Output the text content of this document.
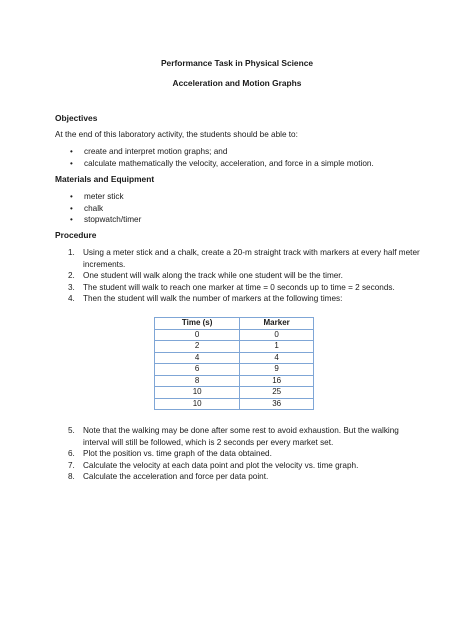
Performance Task in Physical Science
Acceleration and Motion Graphs
Objectives
At the end of this laboratory activity, the students should be able to:
• create and interpret motion graphs; and
• calculate mathematically the velocity, acceleration, and force in a simple motion.
Materials and Equipment
• meter stick
• chalk
• stopwatch/timer
Procedure
1. Using a meter stick and a chalk, create a 20-m straight track with markers at every half meter increments.
2. One student will walk along the track while one student will be the timer.
3. The student will walk to reach one marker at time = 0 seconds up to time = 2 seconds.
4. Then the student will walk the number of markers at the following times:
Time (s)	Marker
0	0
2	1
4	4
6	9
8	16
10	25
10	36
5. Note that the walking may be done after some rest to avoid exhaustion. But the walking interval will still be followed, which is 2 seconds per every market set.
6. Plot the position vs. time graph of the data obtained.
7. Calculate the velocity at each data point and plot the velocity vs. time graph.
8. Calculate the acceleration and force per data point.
